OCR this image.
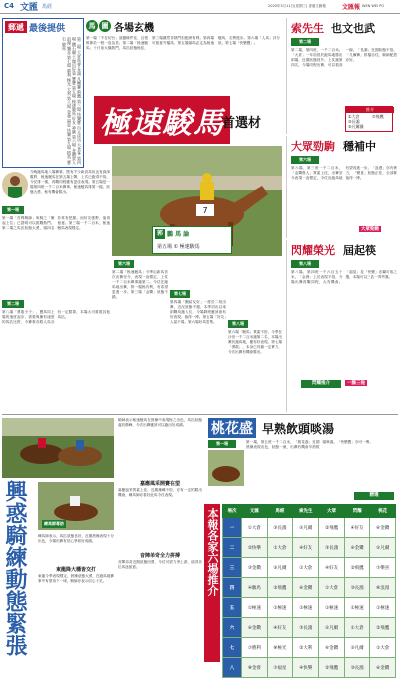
C4 文匯 馬經	2020年3月11日(星期三) 香港文匯報	文匯報 WEN WEI PO
郵遞 最後提供
第二場 大倉馬會 長鴻 凡爾賽 飛鷹 第三場 快樂寶 自主成功 大食客 第四場 鑽石騎士 傑出好事 寶寶 第五場 極速駿馬 好友 神駒 第六場 金鑽貴人 浪漫 樂喜 第七場 勝利 極光 大利 第八場 金發 福星 快樂 第九場 精英 寶石 駿馬
馬 圖 各場玄機
第一場「不在切台」頂盤條件佳，呂根惟即於一程一直為首。第二場「極速駿馬」十日前大爆熱門，馬匹狀態極佳，第三場雖然非熱門但配磅有利。第四場可留意外檔馬，第五場頭馬必定為極速駿馬，走勢進步。第六場「人馬」評分低，第七場「快樂寶」。
極速駿馬
首選材
7
郭 鵬 馬 論
第五場 ① 極速駿馬
今晚跑馬地八場賽事，既有不少新晉馬但也有資深舊將，極速駿馬在第五場上陣，上次已跑得不俗，今仗排一號，再戰同程應有更佳表現。第五場是一場第四班一千二百米賽事，極速駿馬排第一檔，狀態大勇，極有機會勝出。
第一場
第一場「首利駒師」叫騎之「衝起上位」已證明可以挑戰熱門。第二場之馬匹狀態大勇，頭四名非常有把握。而好友強勢，值得留意。第三場一千二百米，極速駿馬表現穩定。
第二場
第八場「勇敢小子」，寶馬同上場的速度起步，需要與擁有速度的馬匹比拼，今賽事各路人馬亦有一定勝算，本場大可重視其他馬匹。
第六場
第二場「極速駿馬」今季由新馬首次出賽至今，表現一直穩定，上仗一千二百米賽事跑第二。今仗在跑馬地出賽，排一檔極有利，有希望更進一步。第三場「金鑽」狀態不錯。
第七場
第四場「團結友好」一度於二班出賽，近況狀態不錯，本季初出以來兩戰均跑入位，今場降班應該會有好表現，值得一博。第五場「好友」人氣不弱。第六場好馬雲集。	第八場
第六場「駿馬」質素不俗，今季在沙田一千二百米跑第二名，本場出賽於跑馬地，應有好表現。第七場「勇敢」，本身已具備一定實力，今次出賽有機會勝出。
索先生 也文也武
第二場
第二場，第四班，一千二百米。「大倉」一年前曾於跑馬地勝出兩場，近期狀態回升。上仗跑第四名，今場同程出賽，可以看高一線。「長鴻」近期狀態不俗。「凡爾賽」排檔亦佳，騎師配搭亦好。
推介
①大倉
③長鴻
⑤凡爾賽
⑦飛鷹
大眾勁駒 穩補中
第六場
第六場，第三班一千二百米，「金鑽貴人」質素上佳，出賽至今表現一直穩定，今仗出跑馬地有望再進一步。「浪漫」亦有實力，「樂喜」狀態正佳，全部都值得一博。
大眾勁駒
閃耀榮光 屆起筷
第八場
第八場，第四班一千六百五十米，「金發」上仗表現不俗，今場出賽再戰同程，大有機會。「福星」及「快樂」亦屬可取之選，本場可以三匹一齊考慮。
閃耀推介	一膽三拖
興惑騎練動態緊張	練馬師專訪
練馬師表示，馬匹狀態良好，近期晨操表現十分出色，今場出賽有信心爭取好成績。
東龍降大穩皆交打
東龍今季表現穩定，晨操狀態大勇，在跑馬地賽事中有望再下一城，騎師亦表示信心十足。
騎師表示極速駿馬在晨操中表現極之出色，馬匹狀態處於顛峰，今次出賽應該可以跑出好成績。
嘉應風采開賽在望
嘉應風采質素上佳，近期操練不俗，亦有一定的勝出機會，練馬師亦看好此馬今仗表現。
音陣弟奇全力拼搏
音陣弟奇近期狀態回勇，今仗可望力爭上游，值得各位馬迷留意。
桃花盛 早熟飲頭啖湯
第一場	第一場，第五班一千二百米，「桃花盛」近期晨操表現出色，狀態一流，出賽有機會早熟飲頭啖湯。「快樂寶」亦可一博。
精選
本報各家六場推介 場次	文匯	馬經	索先生	大眾	閃耀	桃花
一	①大倉	③長鴻	⑤凡爾	②飛鷹	④好友	⑥金鑽
二	②快樂	①大倉	④好友	③長鴻	⑥金鑽	⑤凡爾
三	③金鑽	⑤凡爾	①大倉	④好友	②飛鷹	⑦樂喜
四	④駿馬	②飛鷹	⑥金鑽	①大倉	③長鴻	⑧浪漫
五	①極速	①極速	①極速	①極速	①極速	①極速
六	⑥金鑽	④好友	③長鴻	⑤凡爾	①大倉	②飛鷹
七	⑦勝利	⑧極光	②大利	⑥金鑽	⑤凡爾	①大倉
八	⑧金發	⑦福星	④快樂	②飛鷹	③長鴻	⑥金鑽
